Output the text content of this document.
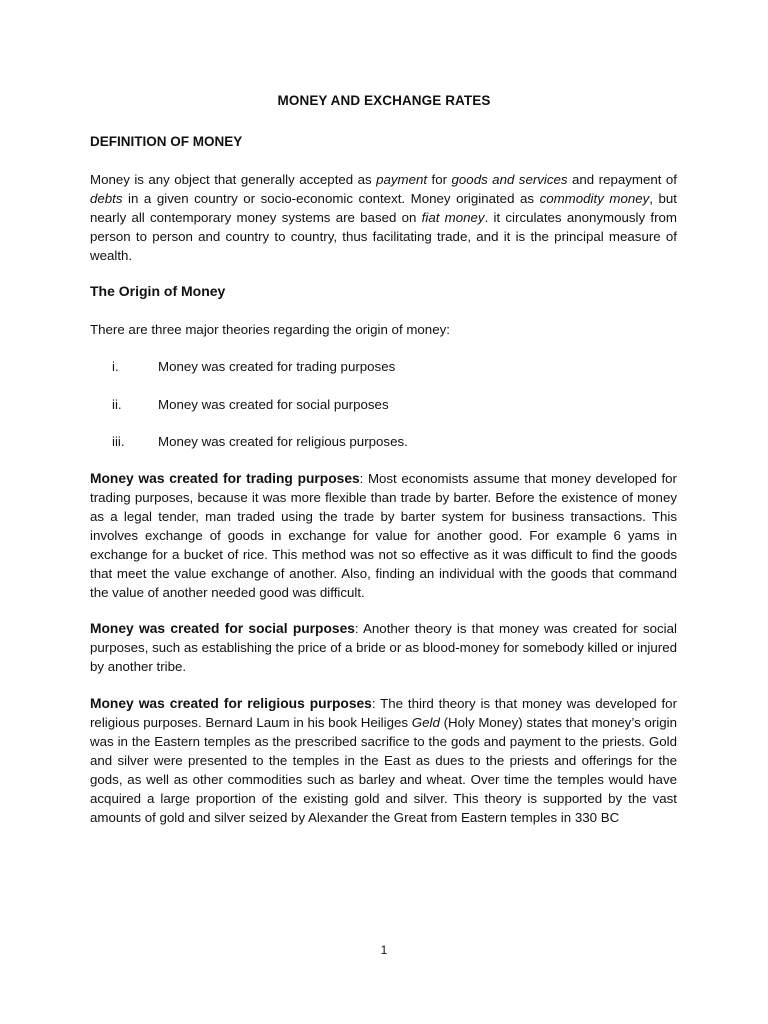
MONEY AND EXCHANGE RATES
DEFINITION OF MONEY

Money is any object that generally accepted as payment for goods and services and repayment of debts in a given country or socio-economic context. Money originated as commodity money, but nearly all contemporary money systems are based on fiat money. it circulates anonymously from person to person and country to country, thus facilitating trade, and it is the principal measure of wealth.

The Origin of Money

There are three major theories regarding the origin of money:

i.	Money was created for trading purposes
ii.	Money was created for social purposes
iii.	Money was created for religious purposes.

Money was created for trading purposes: Most economists assume that money developed for trading purposes, because it was more flexible than trade by barter. Before the existence of money as a legal tender, man traded using the trade by barter system for business transactions. This involves exchange of goods in exchange for value for another good. For example 6 yams in exchange for a bucket of rice. This method was not so effective as it was difficult to find the goods that meet the value exchange of another. Also, finding an individual with the goods that command the value of another needed good was difficult.

Money was created for social purposes: Another theory is that money was created for social purposes, such as establishing the price of a bride or as blood-money for somebody killed or injured by another tribe.

Money was created for religious purposes: The third theory is that money was developed for religious purposes. Bernard Laum in his book Heiliges Geld (Holy Money) states that money’s origin was in the Eastern temples as the prescribed sacrifice to the gods and payment to the priests. Gold and silver were presented to the temples in the East as dues to the priests and offerings for the gods, as well as other commodities such as barley and wheat. Over time the temples would have acquired a large proportion of the existing gold and silver. This theory is supported by the vast amounts of gold and silver seized by Alexander the Great from Eastern temples in 330 BC

1
